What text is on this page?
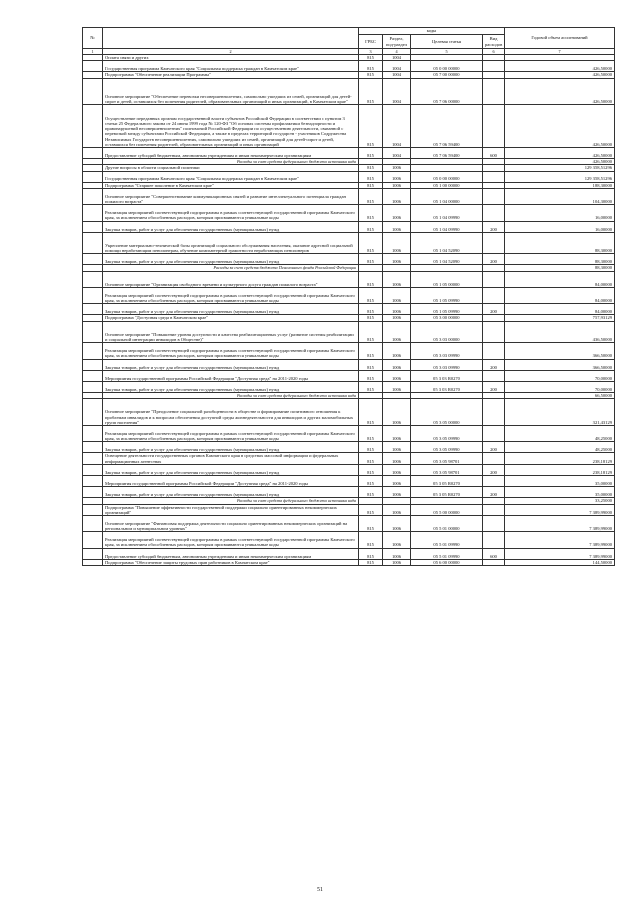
№		коды				Годовой объем ассигнований
		ГРБС	Раздел, под-раздел	Целевая статья	Вид расходов	
1	2	3	4	5	6	7
	Оплата связи и других	815	1004			
	Государственная программа Камчатского края "Социальная поддержка граждан в Камчатском крае"	815	1004	05 0 00 00000		426,50000
	Подпрограмма "Обеспечение реализации Программы"	815	1004	05 7 00 00000		426,50000
	Основное мероприятие "Обеспечение перевозки несовершеннолетних, самовольно ушедших из семей, организаций для детей-сирот и детей, оставшихся без попечения родителей, образовательных организаций и иных организаций, в Камчатском крае"	815	1004	05 7 06 00000		426,50000
	Осуществление переданных органам государственной власти субъектов Российской Федерации в соответствии с пунктом 3 статьи 25 Федерального закона от 24 июня 1999 года № 120-ФЗ "Об основах системы профилактики безнадзорности и правонарушений несовершеннолетних" полномочий Российской Федерации по осуществлению деятельности, связанной с перевозкой между субъектами Российской Федерации, а также в пределах территорий государств - участников Содружества Независимых Государств несовершеннолетних, самовольно ушедших из семей, организаций для детей-сирот и детей, оставшихся без попечения родителей, образовательных организаций и иных организаций	815	1004	05 7 06 59400		426,50000
	Предоставление субсидий бюджетным, автономным учреждениям и иным некоммерческим организациям	815	1004	05 7 06 59400	600	426,50000
	Расходы за счет средств федерального бюджета источника вида					426,50000
	Другие вопросы в области социальной политики	815	1006			129 358,51296
	Государственная программа Камчатского края "Социальная поддержка граждан в Камчатском крае"	815	1006	05 0 00 00000		129 358,51296
	Подпрограмма "Старшее поколение в Камчатском крае"	815	1006	05 1 00 00000		188,30000
	Основное мероприятие "Совершенствование коммуникационных связей и развитие интеллектуального потенциала граждан пожилого возраста"	815	1006	05 1 04 00000		104,30000
	Реализация мероприятий соответствующей подпрограммы в рамках соответствующей государственной программы Камчатского края, за исключением обособленных расходов, которым присваиваются уникальные коды	815	1006	05 1 04 09990		16,00000
	Закупка товаров, работ и услуг для обеспечения государственных (муниципальных) нужд	815	1006	05 1 04 09990	200	16,00000
	Укрепление материально-технической базы организаций социального обслуживания населения, оказание адресной социальной помощи неработающим пенсионерам, обучение компьютерной грамотности неработающих пенсионеров	815	1006	05 1 04 52090		88,30000
	Закупка товаров, работ и услуг для обеспечения государственных (муниципальных) нужд	815	1006	05 1 04 52090	200	88,30000
	Расходы за счет средств бюджета Пенсионного фонда Российской Федерации					88,30000
	Основное мероприятие "Организация свободного времени и культурного досуга граждан пожилого возраста"	815	1006	05 1 05 00000		84,00000
	Реализация мероприятий соответствующей подпрограммы в рамках соответствующей государственной программы Камчатского края, за исключением обособленных расходов, которым присваиваются уникальные коды	815	1006	05 1 05 09990		84,00000
	Закупка товаров, работ и услуг для обеспечения государственных (муниципальных) нужд	815	1006	05 1 05 09990	200	84,00000
	Подпрограмма "Доступная среда в Камчатском крае"	815	1006	05 3 00 00000		757,93129
	Основное мероприятие "Повышение уровня доступности и качества реабилитационных услуг (развитие системы реабилитации и социальной интеграции инвалидов в Обществе)"	815	1006	05 3 03 00000		436,50000
	Реализация мероприятий соответствующей подпрограммы в рамках соответствующей государственной программы Камчатского края, за исключением обособленных расходов, которым присваиваются уникальные коды	815	1006	05 3 03 09990		366,50000
	Закупка товаров, работ и услуг для обеспечения государственных (муниципальных) нужд	815	1006	05 3 03 09990	200	366,50000
	Мероприятия государственной программы Российской Федерации "Доступная среда" на 2011-2020 годы	815	1006	05 3 03 R0270		70,00000
	Закупка товаров, работ и услуг для обеспечения государственных (муниципальных) нужд	815	1006	05 3 03 R0270	200	70,00000
	Расходы за счет средств федерального бюджета источника вида					66,50000
	Основное мероприятие "Преодоление социальной разобщенности в обществе и формирование позитивного отношения к проблемам инвалидов и к вопросам обеспечения доступной среды жизнедеятельности для инвалидов и других маломобильных групп населения"	815	1006	05 3 05 00000		321,43129
	Реализация мероприятий соответствующей подпрограммы в рамках соответствующей государственной программы Камчатского края, за исключением обособленных расходов, которым присваиваются уникальные коды	815	1006	05 3 05 09990		48,25000
	Закупка товаров, работ и услуг для обеспечения государственных (муниципальных) нужд	815	1006	05 3 05 09990	200	48,25000
	Освещение деятельности государственных органов Камчатского края в средствах массовой информации и федеральных информационных агентствах	815	1006	05 3 05 98701		238,18129
	Закупка товаров, работ и услуг для обеспечения государственных (муниципальных) нужд	815	1006	05 3 05 98701	200	238,18129
	Мероприятия государственной программы Российской Федерации "Доступная среда" на 2011-2020 годы	815	1006	05 3 05 R0270		35,00000
	Закупка товаров, работ и услуг для обеспечения государственных (муниципальных) нужд	815	1006	05 3 05 R0270	200	35,00000
	Расходы за счет средств федерального бюджета источника вида					33,25000
	Подпрограмма "Повышение эффективности государственной поддержки социально ориентированных некоммерческих организаций"	815	1006	05 5 00 00000		7 389,99000
	Основное мероприятие "Финансовая поддержка деятельности социально ориентированных некоммерческих организаций на региональном и муниципальном уровнях"	815	1006	05 5 01 00000		7 389,99000
	Реализация мероприятий соответствующей подпрограммы в рамках соответствующей государственной программы Камчатского края, за исключением обособленных расходов, которым присваиваются уникальные коды	815	1006	05 5 01 09990		7 389,99000
	Предоставление субсидий бюджетным, автономным учреждениям и иным некоммерческим организациям	815	1006	05 5 01 09990	600	7 389,99000
	Подпрограмма "Обеспечение защиты трудовых прав работников в Камчатском крае"	815	1006	05 6 00 00000		144,50000
51
